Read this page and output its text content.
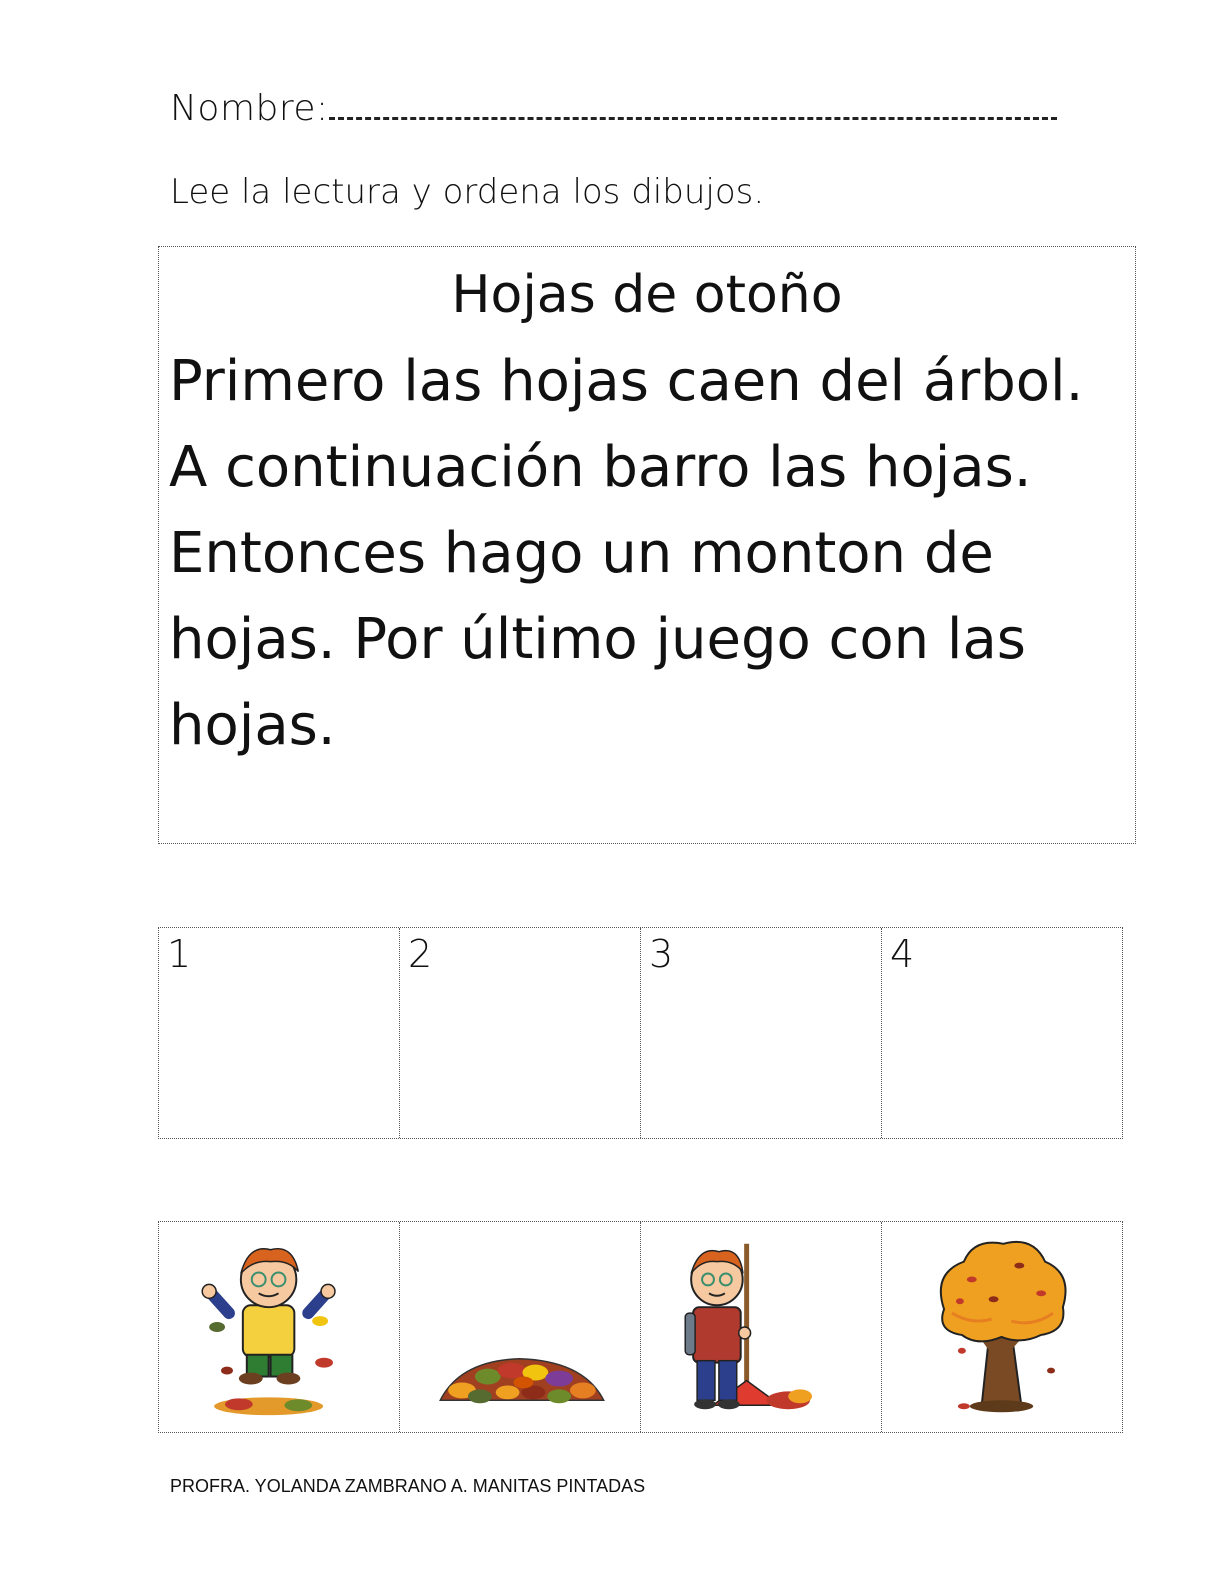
Nombre:
Lee la lectura y ordena los dibujos.
Hojas de otoño
Primero las hojas caen del árbol. A continuación barro las hojas. Entonces hago un monton de hojas. Por último juego con las hojas.
1	2	3	4
PROFRA. YOLANDA ZAMBRANO A. MANITAS PINTADAS
